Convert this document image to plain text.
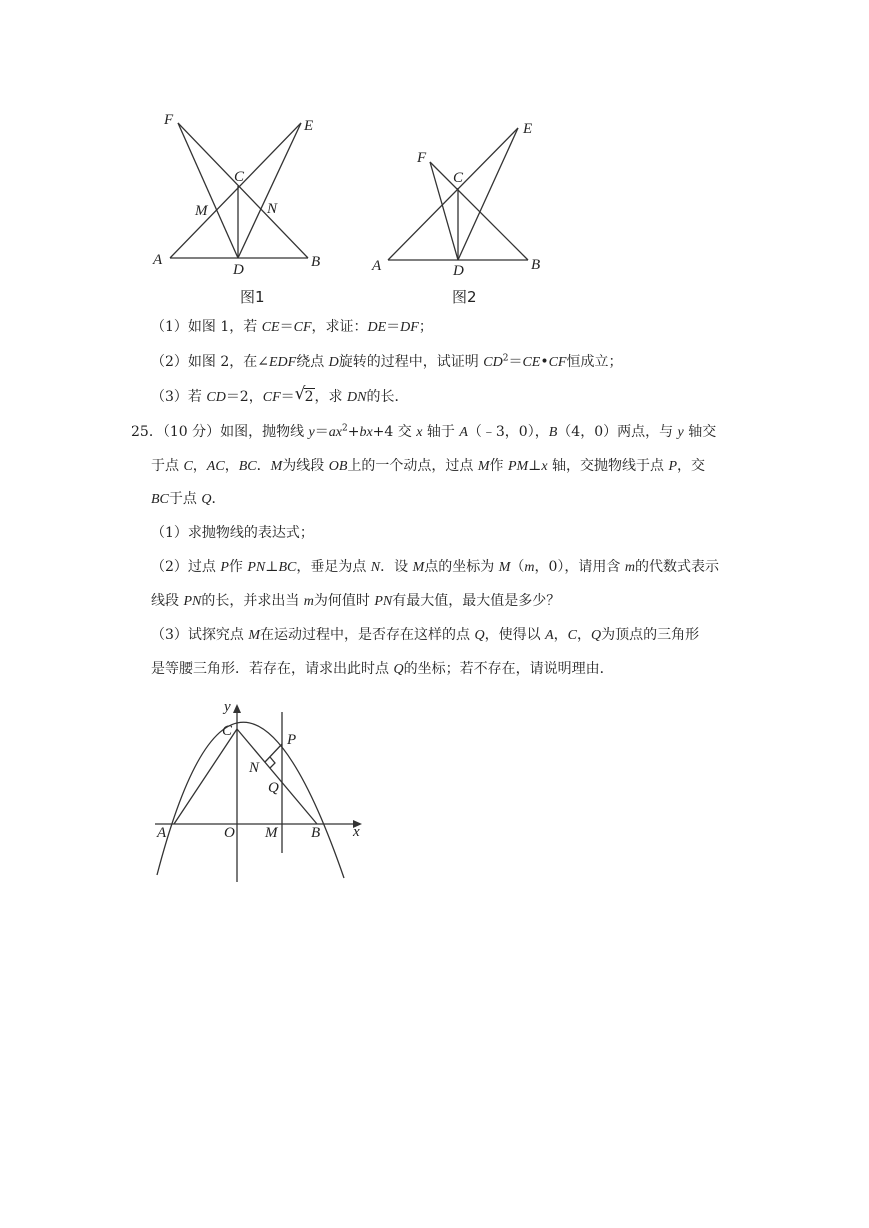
F	E
C
M	N
A
D	B
图1
F
E
C
A	D	B
图2
（1）如图 1，若 CE＝CF，求证：DE＝DF；
（2）如图 2，在∠EDF绕点 D旋转的过程中，试证明 $CD^2=CE•CF$恒成立；
（3）若 CD＝2，CF＝ √ 2，求 DN的长．
25．（10 分）如图，抛物线 $y=ax^2+bx+4$ 交 x 轴于 A（﹣3，0），B（4，0）两点，与 y 轴交
于点 C，AC，BC．M为线段 OB上的一个动点，过点 M作 PM⊥x 轴，交抛物线于点 P，交
BC于点 Q．
（1）求抛物线的表达式；
（2）过点 P作 PN⊥BC，垂足为点 N．设 M点的坐标为 M（m，0），请用含 m的代数式表示
线段 PN的长，并求出当 m为何值时 PN有最大值，最大值是多少？
（3）试探究点 M在运动过程中，是否存在这样的点 Q，使得以 A，C，Q为顶点的三角形
是等腰三角形．若存在，请求出此时点 Q的坐标；若不存在，请说明理由．
y
C
P
N
Q
A	O M B x
